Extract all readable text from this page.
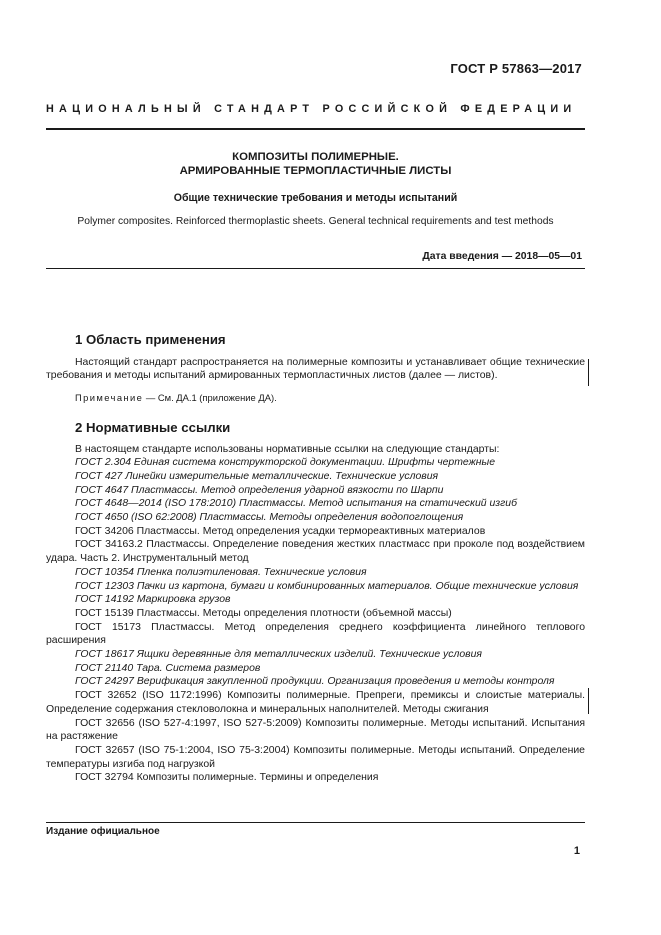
ГОСТ Р 57863—2017
НАЦИОНАЛЬНЫЙ СТАНДАРТ РОССИЙСКОЙ ФЕДЕРАЦИИ
КОМПОЗИТЫ ПОЛИМЕРНЫЕ.
АРМИРОВАННЫЕ ТЕРМОПЛАСТИЧНЫЕ ЛИСТЫ
Общие технические требования и методы испытаний
Polymer composites. Reinforced thermoplastic sheets. General technical requirements and test methods
Дата введения — 2018—05—01
1 Область применения

Настоящий стандарт распространяется на полимерные композиты и устанавливает общие технические требования и методы испытаний армированных термопластичных листов (далее — листов).

Примечание — См. ДА.1 (приложение ДА).
2 Нормативные ссылки

В настоящем стандарте использованы нормативные ссылки на следующие стандарты:

ГОСТ 2.304 Единая система конструкторской документации. Шрифты чертежные

ГОСТ 427 Линейки измерительные металлические. Технические условия

ГОСТ 4647 Пластмассы. Метод определения ударной вязкости по Шарпи

ГОСТ 4648—2014 (ISO 178:2010) Пластмассы. Метод испытания на статический изгиб

ГОСТ 4650 (ISO 62:2008) Пластмассы. Методы определения водопоглощения

ГОСТ 34206 Пластмассы. Метод определения усадки термореактивных материалов

ГОСТ 34163.2 Пластмассы. Определение поведения жестких пластмасс при проколе под воздействием удара. Часть 2. Инструментальный метод

ГОСТ 10354 Пленка полиэтиленовая. Технические условия

ГОСТ 12303 Пачки из картона, бумаги и комбинированных материалов. Общие технические условия

ГОСТ 14192 Маркировка грузов

ГОСТ 15139 Пластмассы. Методы определения плотности (объемной массы)

ГОСТ 15173 Пластмассы. Метод определения среднего коэффициента линейного теплового расширения

ГОСТ 18617 Ящики деревянные для металлических изделий. Технические условия

ГОСТ 21140 Тара. Система размеров

ГОСТ 24297 Верификация закупленной продукции. Организация проведения и методы контроля

ГОСТ 32652 (ISO 1172:1996) Композиты полимерные. Препреги, премиксы и слоистые материалы. Определение содержания стекловолокна и минеральных наполнителей. Методы сжигания

ГОСТ 32656 (ISO 527-4:1997, ISO 527-5:2009) Композиты полимерные. Методы испытаний. Испытания на растяжение

ГОСТ 32657 (ISO 75-1:2004, ISO 75-3:2004) Композиты полимерные. Методы испытаний. Определение температуры изгиба под нагрузкой

ГОСТ 32794 Композиты полимерные. Термины и определения

Издание официальное
1
